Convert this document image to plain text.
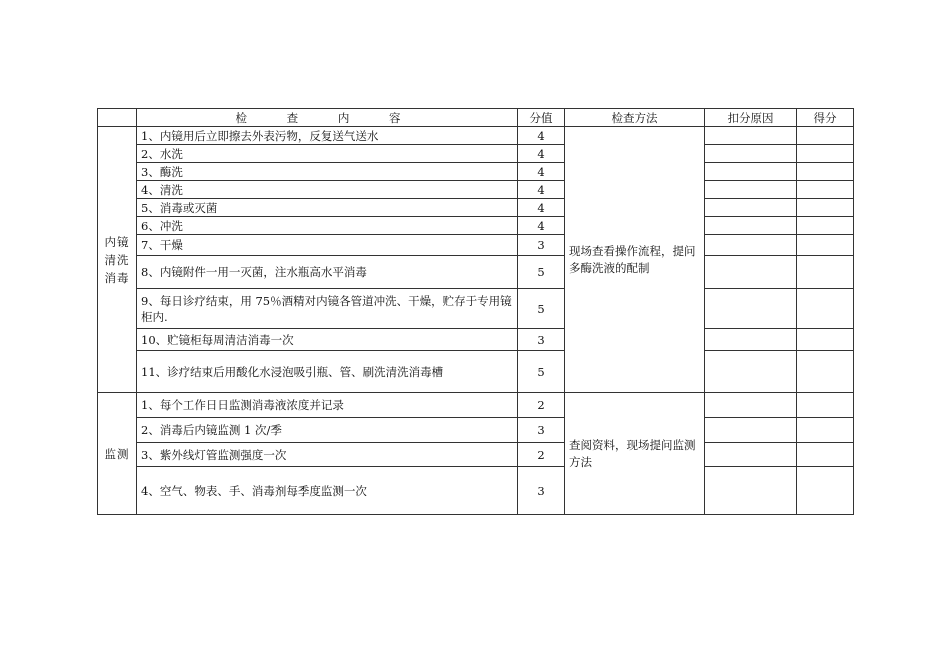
	检 查 内 容	分值	检查方法	扣分原因	得分
内镜清洗消毒	1、内镜用后立即擦去外表污物，反复送气送水	4	现场查看操作流程，提问多酶洗液的配制		

	2、水洗	4			
	3、酶洗	4			
	4、清洗	4			
	5、消毒或灭菌	4			
	6、冲洗	4			
	7、干燥	3			
	8、内镜附件一用一灭菌，注水瓶高水平消毒	5			
	9、每日诊疗结束，用 75％酒精对内镜各管道冲洗、干燥，贮存于专用镜柜内.	5			
	10、贮镜柜每周清洁消毒一次	3			
	11、诊疗结束后用酸化水浸泡吸引瓶、管、刷洗清洗消毒槽	5			
监测	1、每个工作日日监测消毒液浓度并记录	2	查阅资料，现场提问监测方法		

	2、消毒后内镜监测 1 次/季	3			
	3、紫外线灯管监测强度一次	2			
	4、空气、物表、手、消毒剂每季度监测一次	3			
